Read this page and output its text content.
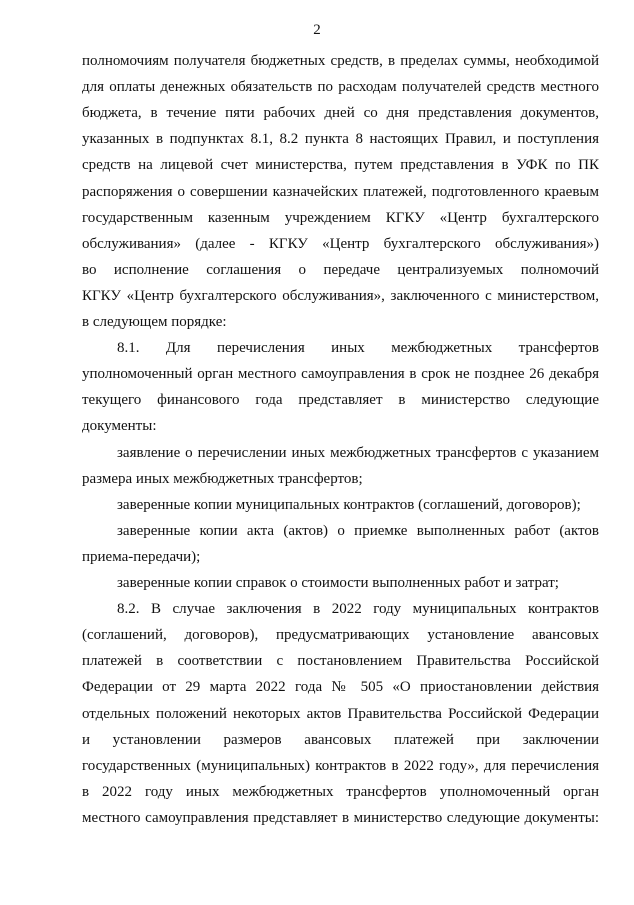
2
полномочиям получателя бюджетных средств, в пределах суммы, необходимой
для оплаты денежных обязательств по расходам получателей средств местного
бюджета, в течение пяти рабочих дней со дня представления документов,
указанных в подпунктах 8.1, 8.2 пункта 8 настоящих Правил, и поступления
средств на лицевой счет министерства, путем представления в УФК по ПК
распоряжения о совершении казначейских платежей, подготовленного краевым
государственным казенным учреждением КГКУ «Центр бухгалтерского
обслуживания» (далее - КГКУ «Центр бухгалтерского обслуживания»)
во исполнение соглашения о передаче централизуемых полномочий
КГКУ «Центр бухгалтерского обслуживания», заключенного с министерством,
в следующем порядке:
8.1. Для перечисления иных межбюджетных трансфертов
уполномоченный орган местного самоуправления в срок не позднее 26 декабря
текущего финансового года представляет в министерство следующие
документы:
заявление о перечислении иных межбюджетных трансфертов с указанием
размера иных межбюджетных трансфертов;
заверенные копии муниципальных контрактов (соглашений, договоров);
заверенные копии акта (актов) о приемке выполненных работ (актов
приема-передачи);
заверенные копии справок о стоимости выполненных работ и затрат;
8.2. В случае заключения в 2022 году муниципальных контрактов
(соглашений, договоров), предусматривающих установление авансовых
платежей в соответствии с постановлением Правительства Российской
Федерации от 29 марта 2022 года № 505 «О приостановлении действия
отдельных положений некоторых актов Правительства Российской Федерации
и установлении размеров авансовых платежей при заключении
государственных (муниципальных) контрактов в 2022 году», для перечисления
в 2022 году иных межбюджетных трансфертов уполномоченный орган
местного самоуправления представляет в министерство следующие документы:
